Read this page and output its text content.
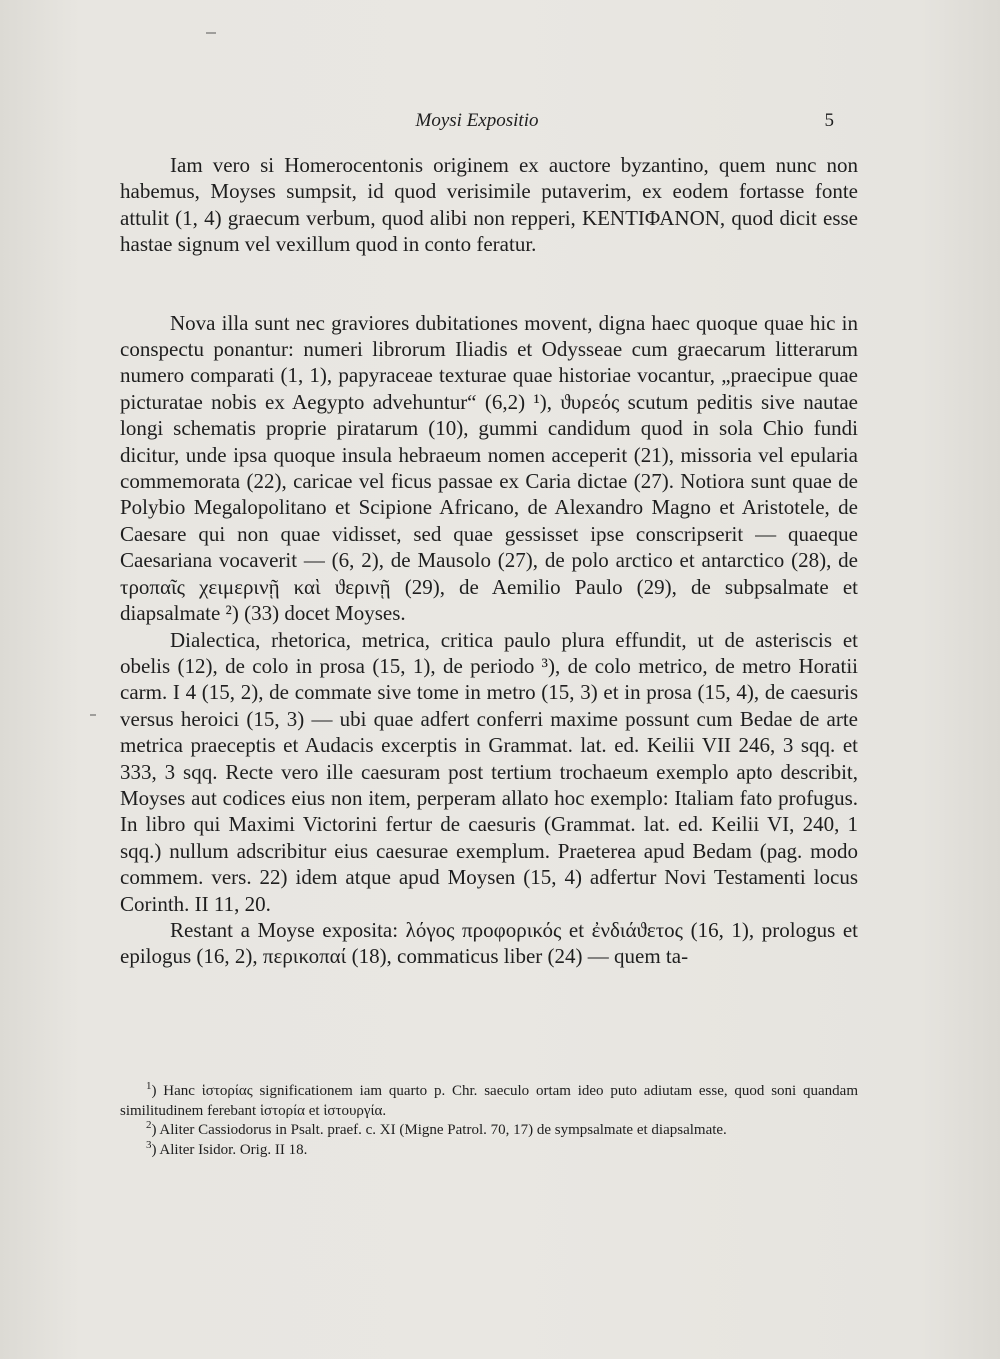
Moysi Expositio	5

Iam vero si Homerocentonis originem ex auctore byzantino, quem nunc non habemus, Moyses sumpsit, id quod verisimile putaverim, ex eodem fortasse fonte attulit (1, 4) graecum verbum, quod alibi non repperi, ΚΕΝΤΙΦΑΝΟΝ, quod dicit esse hastae signum vel vexillum quod in conto feratur.

Nova illa sunt nec graviores dubitationes movent, digna haec quoque quae hic in conspectu ponantur: numeri librorum Iliadis et Odysseae cum graecarum litterarum numero comparati (1, 1), papyraceae texturae quae historiae vocantur, „praecipue quae picturatae nobis ex Aegypto advehuntur“ (6,2) ¹), ϑυρεός scutum peditis sive nautae longi schematis proprie piratarum (10), gummi candidum quod in sola Chio fundi dicitur, unde ipsa quoque insula hebraeum nomen acceperit (21), missoria vel epularia commemorata (22), caricae vel ficus passae ex Caria dictae (27). Notiora sunt quae de Polybio Megalopolitano et Scipione Africano, de Alexandro Magno et Aristotele, de Caesare qui non quae vidisset, sed quae gessisset ipse conscripserit — quaeque Caesariana vocaverit — (6, 2), de Mausolo (27), de polo arctico et antarctico (28), de τροπαῖς χειμερινῇ καὶ ϑερινῇ (29), de Aemilio Paulo (29), de subpsalmate et diapsalmate ²) (33) docet Moyses.

Dialectica, rhetorica, metrica, critica paulo plura effundit, ut de asteriscis et obelis (12), de colo in prosa (15, 1), de periodo ³), de colo metrico, de metro Horatii carm. I 4 (15, 2), de commate sive tome in metro (15, 3) et in prosa (15, 4), de caesuris versus heroici (15, 3) — ubi quae adfert conferri maxime possunt cum Bedae de arte metrica praeceptis et Audacis excerptis in Grammat. lat. ed. Keilii VII 246, 3 sqq. et 333, 3 sqq. Recte vero ille caesuram post tertium trochaeum exemplo apto describit, Moyses aut codices eius non item, perperam allato hoc exemplo: Italiam fato profugus. In libro qui Maximi Victorini fertur de caesuris (Grammat. lat. ed. Keilii VI, 240, 1 sqq.) nullum adscribitur eius caesurae exemplum. Praeterea apud Bedam (pag. modo commem. vers. 22) idem atque apud Moysen (15, 4) adfertur Novi Testamenti locus Corinth. II 11, 20.

Restant a Moyse exposita: λόγος προφορικός et ἐνδιάϑετος (16, 1), prologus et epilogus (16, 2), περικοπαί (18), commaticus liber (24) — quem ta-

$^1$) Hanc ἱστορίας significationem iam quarto p. Chr. saeculo ortam ideo puto adiutam esse, quod soni quandam similitudinem ferebant ἱστορία et ἱστουργία.

$^2$) Aliter Cassiodorus in Psalt. praef. c. XI (Migne Patrol. 70, 17) de sympsalmate et diapsalmate.

$^3$) Aliter Isidor. Orig. II 18.
